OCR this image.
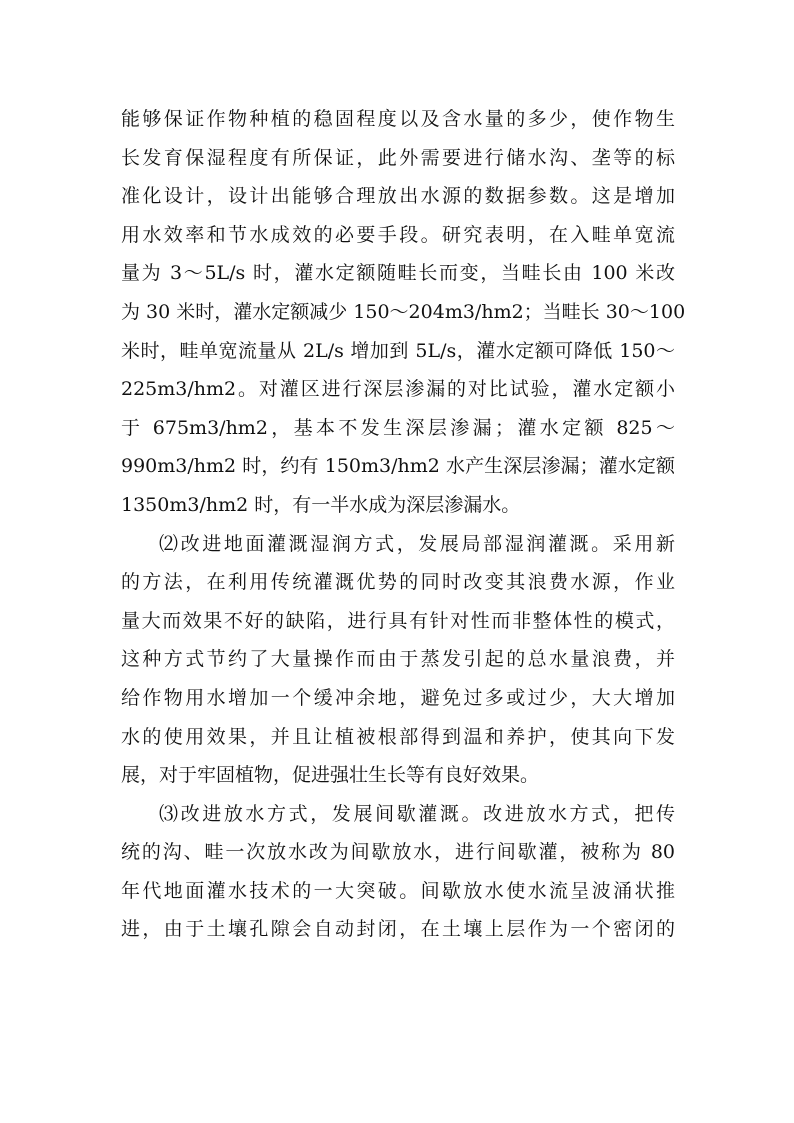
能够保证作物种植的稳固程度以及含水量的多少，使作物生
长发育保湿程度有所保证，此外需要进行储水沟、垄等的标
准化设计，设计出能够合理放出水源的数据参数。这是增加
用水效率和节水成效的必要手段。研究表明，在入畦单宽流
量为 3～5L/s 时，灌水定额随畦长而变，当畦长由 100 米改
为 30 米时，灌水定额减少 150～204m3/hm2；当畦长 30～100
米时，畦单宽流量从 2L/s 增加到 5L/s，灌水定额可降低 150～
225m3/hm2。对灌区进行深层渗漏的对比试验，灌水定额小
于 675m3/hm2，基本不发生深层渗漏；灌水定额 825～
990m3/hm2 时，约有 150m3/hm2 水产生深层渗漏；灌水定额
1350m3/hm2 时，有一半水成为深层渗漏水。
⑵改进地面灌溉湿润方式，发展局部湿润灌溉。采用新
的方法，在利用传统灌溉优势的同时改变其浪费水源，作业
量大而效果不好的缺陷，进行具有针对性而非整体性的模式，
这种方式节约了大量操作而由于蒸发引起的总水量浪费，并
给作物用水增加一个缓冲余地，避免过多或过少，大大增加
水的使用效果，并且让植被根部得到温和养护，使其向下发
展，对于牢固植物，促进强壮生长等有良好效果。
⑶改进放水方式，发展间歇灌溉。改进放水方式，把传
统的沟、畦一次放水改为间歇放水，进行间歇灌，被称为 80
年代地面灌水技术的一大突破。间歇放水使水流呈波涌状推
进，由于土壤孔隙会自动封闭，在土壤上层作为一个密闭的
